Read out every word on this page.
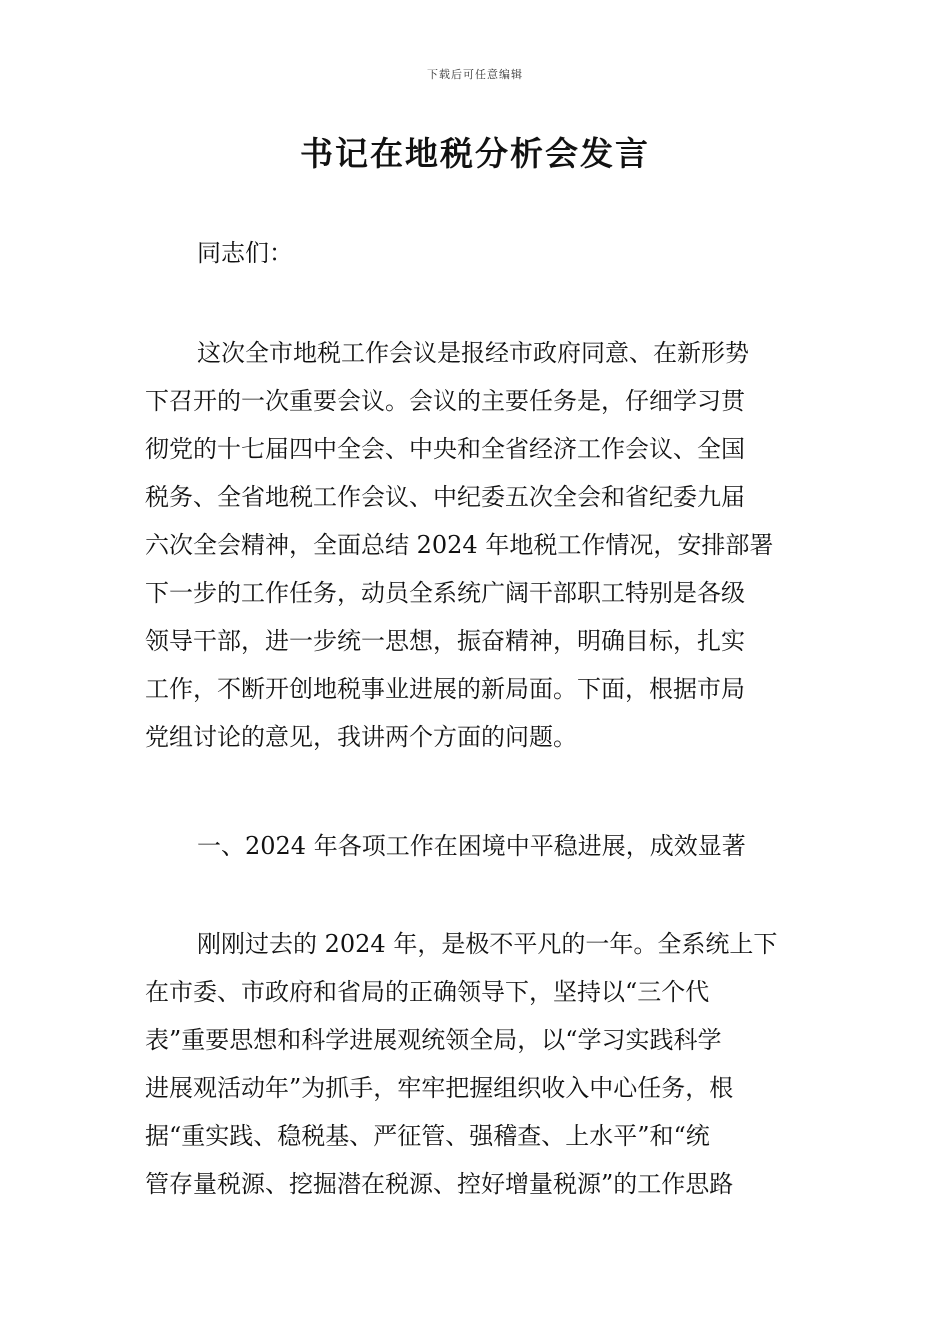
下载后可任意编辑
书记在地税分析会发言
同志们：
这次全市地税工作会议是报经市政府同意、在新形势
下召开的一次重要会议。会议的主要任务是，仔细学习贯
彻党的十七届四中全会、中央和全省经济工作会议、全国
税务、全省地税工作会议、中纪委五次全会和省纪委九届
六次全会精神，全面总结 2024 年地税工作情况，安排部署
下一步的工作任务，动员全系统广阔干部职工特别是各级
领导干部，进一步统一思想，振奋精神，明确目标，扎实
工作，不断开创地税事业进展的新局面。下面，根据市局
党组讨论的意见，我讲两个方面的问题。
一、2024 年各项工作在困境中平稳进展，成效显著
刚刚过去的 2024 年，是极不平凡的一年。全系统上下
在市委、市政府和省局的正确领导下，坚持以“三个代
表”重要思想和科学进展观统领全局，以“学习实践科学
进展观活动年”为抓手，牢牢把握组织收入中心任务，根
据“重实践、稳税基、严征管、强稽查、上水平”和“统
管存量税源、挖掘潜在税源、控好增量税源”的工作思路
